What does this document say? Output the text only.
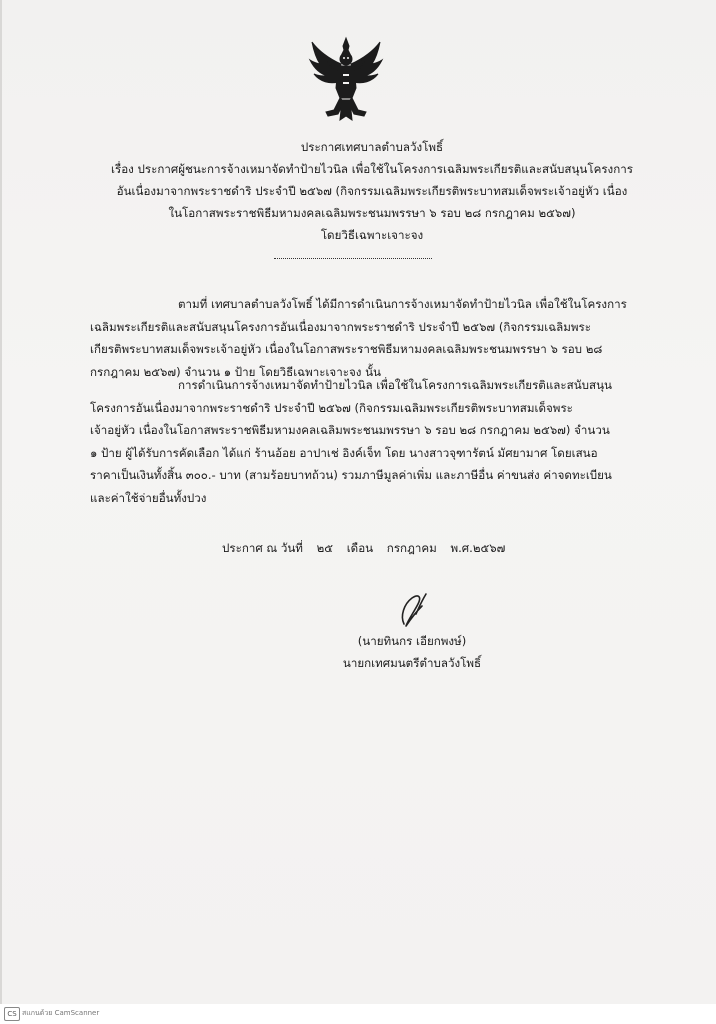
ประกาศเทศบาลตำบลวังโพธิ์
เรื่อง ประกาศผู้ชนะการจ้างเหมาจัดทำป้ายไวนิล เพื่อใช้ในโครงการเฉลิมพระเกียรติและสนับสนุนโครงการ
อันเนื่องมาจากพระราชดำริ ประจำปี ๒๕๖๗ (กิจกรรมเฉลิมพระเกียรติพระบาทสมเด็จพระเจ้าอยู่หัว เนื่อง
ในโอกาสพระราชพิธีมหามงคลเฉลิมพระชนมพรรษา ๖ รอบ ๒๘ กรกฎาคม ๒๕๖๗)
โดยวิธีเฉพาะเจาะจง
ตามที่ เทศบาลตำบลวังโพธิ์ ได้มีการดำเนินการจ้างเหมาจัดทำป้ายไวนิล เพื่อใช้ในโครงการ
เฉลิมพระเกียรติและสนับสนุนโครงการอันเนื่องมาจากพระราชดำริ ประจำปี ๒๕๖๗ (กิจกรรมเฉลิมพระ
เกียรติพระบาทสมเด็จพระเจ้าอยู่หัว เนื่องในโอกาสพระราชพิธีมหามงคลเฉลิมพระชนมพรรษา ๖ รอบ ๒๘
กรกฎาคม ๒๕๖๗) จำนวน ๑ ป้าย โดยวิธีเฉพาะเจาะจง นั้น
การดำเนินการจ้างเหมาจัดทำป้ายไวนิล เพื่อใช้ในโครงการเฉลิมพระเกียรติและสนับสนุน
โครงการอันเนื่องมาจากพระราชดำริ ประจำปี ๒๕๖๗ (กิจกรรมเฉลิมพระเกียรติพระบาทสมเด็จพระ
เจ้าอยู่หัว เนื่องในโอกาสพระราชพิธีมหามงคลเฉลิมพระชนมพรรษา ๖ รอบ ๒๘ กรกฎาคม ๒๕๖๗) จำนวน
๑ ป้าย ผู้ได้รับการคัดเลือก ได้แก่ ร้านอ้อย อาปาเช่ อิงค์เจ็ท โดย นางสาวจุฑารัตน์ มัศยามาศ โดยเสนอ
ราคาเป็นเงินทั้งสิ้น ๓๐๐.- บาท (สามร้อยบาทถ้วน) รวมภาษีมูลค่าเพิ่ม และภาษีอื่น ค่าขนส่ง ค่าจดทะเบียน
และค่าใช้จ่ายอื่นทั้งปวง
ประกาศ ณ วันที่ ๒๕ เดือน กรกฎาคม พ.ศ.๒๕๖๗
(นายทินกร เอียกพงษ์)
นายกเทศมนตรีตำบลวังโพธิ์
CS สแกนด้วย CamScanner
